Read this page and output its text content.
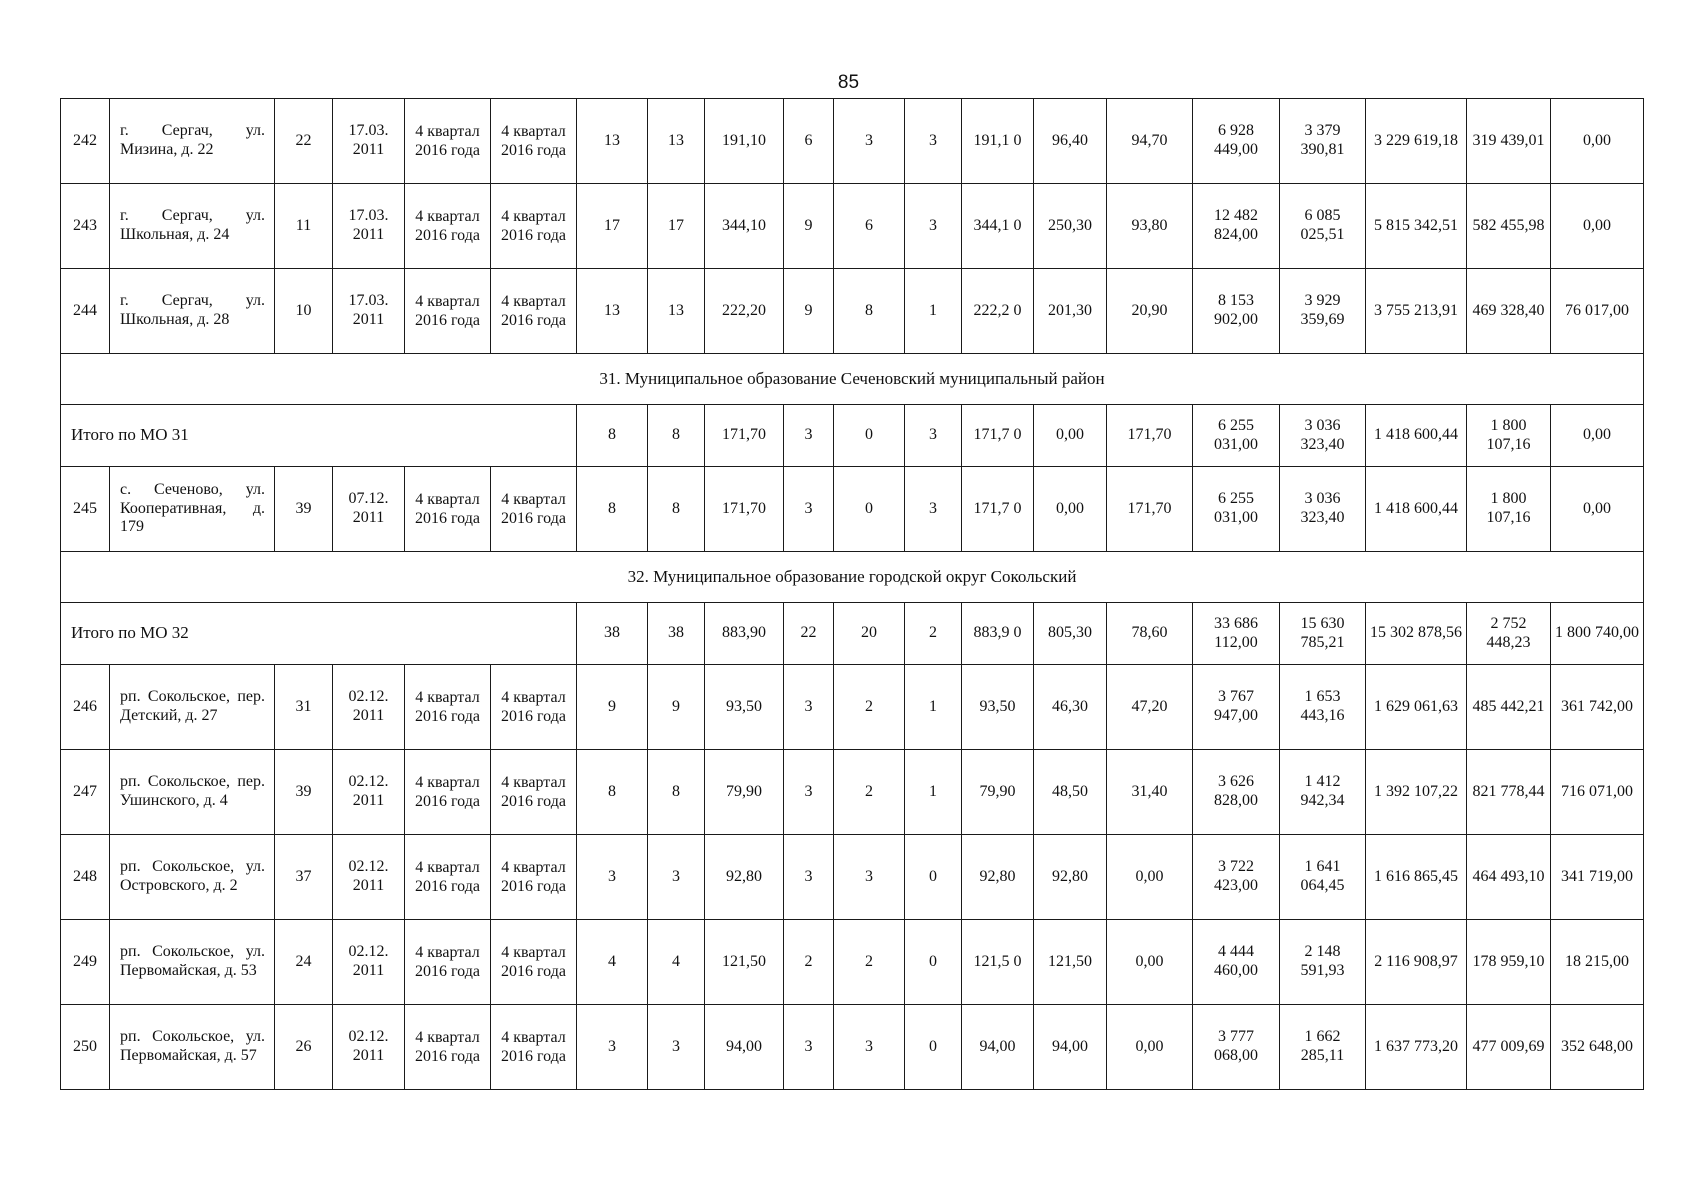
85
242	г. Сергач, ул. Мизина, д. 22	22	17.03. 2011	4 квартал 2016 года	4 квартал 2016 года	13	13	191,10	6	3	3	191,1 0	96,40	94,70	6 928 449,00	3 379 390,81	3 229 619,18	319 439,01	0,00
243	г. Сергач, ул. Школьная, д. 24	11	17.03. 2011	4 квартал 2016 года	4 квартал 2016 года	17	17	344,10	9	6	3	344,1 0	250,30	93,80	12 482 824,00	6 085 025,51	5 815 342,51	582 455,98	0,00
244	г. Сергач, ул. Школьная, д. 28	10	17.03. 2011	4 квартал 2016 года	4 квартал 2016 года	13	13	222,20	9	8	1	222,2 0	201,30	20,90	8 153 902,00	3 929 359,69	3 755 213,91	469 328,40	76 017,00
31. Муниципальное образование Сеченовский муниципальный район																			
Итого по МО 31						8	8	171,70	3	0	3	171,7 0	0,00	171,70	6 255 031,00	3 036 323,40	1 418 600,44	1 800 107,16	0,00
245	с. Сеченово, ул. Кооперативная, д. 179	39	07.12. 2011	4 квартал 2016 года	4 квартал 2016 года	8	8	171,70	3	0	3	171,7 0	0,00	171,70	6 255 031,00	3 036 323,40	1 418 600,44	1 800 107,16	0,00
32. Муниципальное образование городской округ Сокольский																			
Итого по МО 32						38	38	883,90	22	20	2	883,9 0	805,30	78,60	33 686 112,00	15 630 785,21	15 302 878,56	2 752 448,23	1 800 740,00
246	рп. Сокольское, пер. Детский, д. 27	31	02.12. 2011	4 квартал 2016 года	4 квартал 2016 года	9	9	93,50	3	2	1	93,50	46,30	47,20	3 767 947,00	1 653 443,16	1 629 061,63	485 442,21	361 742,00
247	рп. Сокольское, пер. Ушинского, д. 4	39	02.12. 2011	4 квартал 2016 года	4 квартал 2016 года	8	8	79,90	3	2	1	79,90	48,50	31,40	3 626 828,00	1 412 942,34	1 392 107,22	821 778,44	716 071,00
248	рп. Сокольское, ул. Островского, д. 2	37	02.12. 2011	4 квартал 2016 года	4 квартал 2016 года	3	3	92,80	3	3	0	92,80	92,80	0,00	3 722 423,00	1 641 064,45	1 616 865,45	464 493,10	341 719,00
249	рп. Сокольское, ул. Первомайская, д. 53	24	02.12. 2011	4 квартал 2016 года	4 квартал 2016 года	4	4	121,50	2	2	0	121,5 0	121,50	0,00	4 444 460,00	2 148 591,93	2 116 908,97	178 959,10	18 215,00
250	рп. Сокольское, ул. Первомайская, д. 57	26	02.12. 2011	4 квартал 2016 года	4 квартал 2016 года	3	3	94,00	3	3	0	94,00	94,00	0,00	3 777 068,00	1 662 285,11	1 637 773,20	477 009,69	352 648,00
